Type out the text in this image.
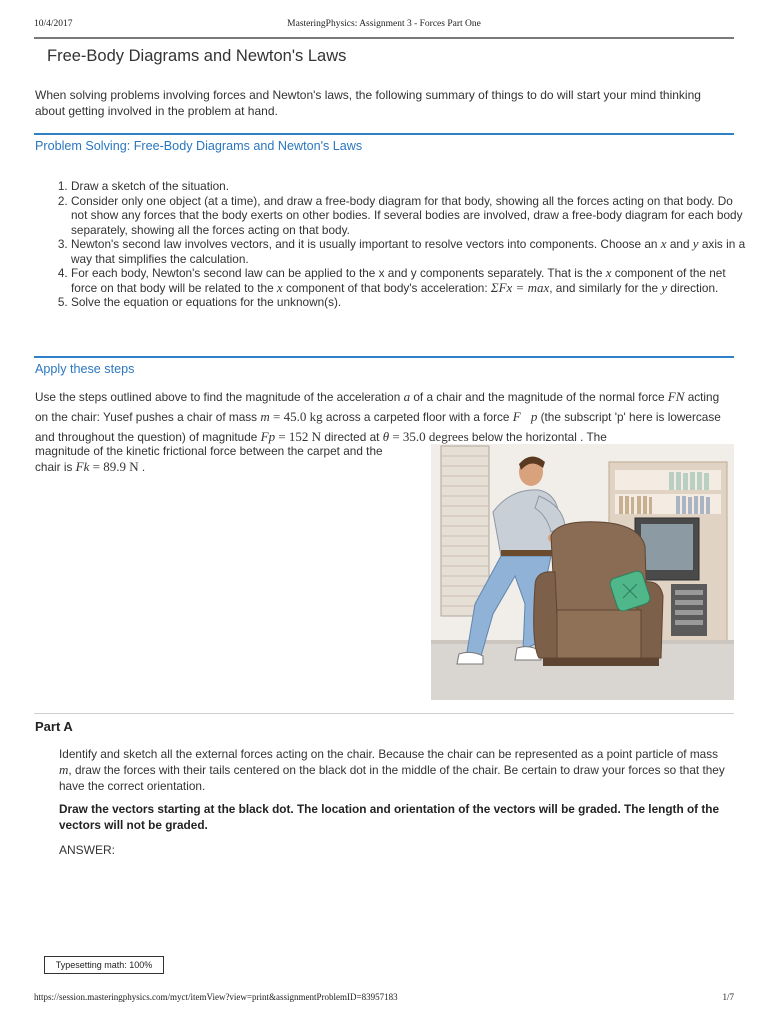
10/4/2017	MasteringPhysics: Assignment 3 - Forces Part One
Free-Body Diagrams and Newton's Laws
When solving problems involving forces and Newton's laws, the following summary of things to do will start your mind thinking about getting involved in the problem at hand.
Problem Solving: Free-Body Diagrams and Newton's Laws
1. Draw a sketch of the situation.
2. Consider only one object (at a time), and draw a free-body diagram for that body, showing all the forces acting on that body. Do not show any forces that the body exerts on other bodies. If several bodies are involved, draw a free-body diagram for each body separately, showing all the forces acting on that body.
3. Newton's second law involves vectors, and it is usually important to resolve vectors into components. Choose an x and y axis in a way that simplifies the calculation.
4. For each body, Newton's second law can be applied to the x and y components separately. That is the x component of the net force on that body will be related to the x component of that body's acceleration: ΣFx = max, and similarly for the y direction.
5. Solve the equation or equations for the unknown(s).
Apply these steps
Use the steps outlined above to find the magnitude of the acceleration a of a chair and the magnitude of the normal force FN acting on the chair: Yusef pushes a chair of mass m = 45.0 kg across a carpeted floor with a force F⃗p (the subscript 'p' here is lowercase and throughout the question) of magnitude Fp = 152 N directed at θ = 35.0 degrees below the horizontal . The
magnitude of the kinetic frictional force between the carpet and the chair is Fk = 89.9 N .
Part A
Identify and sketch all the external forces acting on the chair. Because the chair can be represented as a point particle of mass m, draw the forces with their tails centered on the black dot in the middle of the chair. Be certain to draw your forces so that they have the correct orientation.
Draw the vectors starting at the black dot. The location and orientation of the vectors will be graded. The length of the vectors will not be graded.
ANSWER:
Typesetting math: 100%
https://session.masteringphysics.com/myct/itemView?view=print&assignmentProblemID=83957183	1/7
